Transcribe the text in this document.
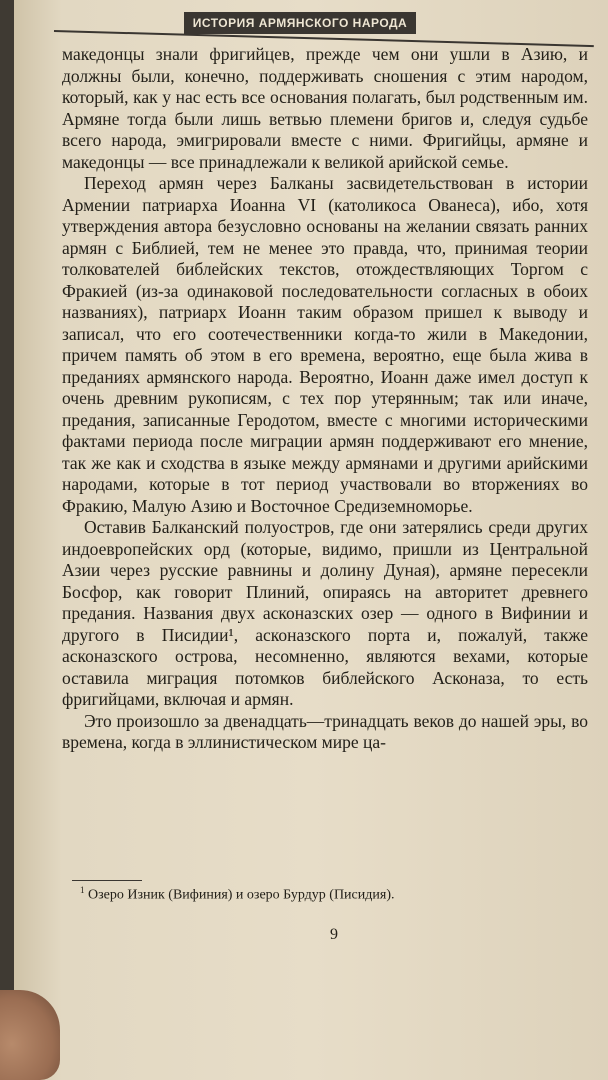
ИСТОРИЯ АРМЯНСКОГО НАРОДА

македонцы знали фригийцев, прежде чем они ушли в Азию, и должны были, конечно, поддерживать сношения с этим народом, который, как у нас есть все основания полагать, был родственным им. Армяне тогда были лишь ветвью племени бригов и, следуя судьбе всего народа, эмигрировали вместе с ними. Фригийцы, армяне и македонцы — все принадлежали к великой арийской семье.

Переход армян через Балканы засвидетельствован в истории Армении патриарха Иоанна VI (католикоса Ованеса), ибо, хотя утверждения автора безусловно основаны на желании связать ранних армян с Библией, тем не менее это правда, что, принимая теории толкователей библейских текстов, отождествляющих Торгом с Фракией (из-за одинаковой последовательности согласных в обоих названиях), патриарх Иоанн таким образом пришел к выводу и записал, что его соотечественники когда-то жили в Македонии, причем память об этом в его времена, вероятно, еще была жива в преданиях армянского народа. Вероятно, Иоанн даже имел доступ к очень древним рукописям, с тех пор утерянным; так или иначе, предания, записанные Геродотом, вместе с многими историческими фактами периода после миграции армян поддерживают его мнение, так же как и сходства в языке между армянами и другими арийскими народами, которые в тот период участвовали во вторжениях во Фракию, Малую Азию и Восточное Средиземноморье.

Оставив Балканский полуостров, где они затерялись среди других индоевропейских орд (которые, видимо, пришли из Центральной Азии через русские равнины и долину Дуная), армяне пересекли Босфор, как говорит Плиний, опираясь на авторитет древнего предания. Названия двух асконазских озер — одного в Вифинии и другого в Писидии¹, асконазского порта и, пожалуй, также асконазского острова, несомненно, являются вехами, которые оставила миграция потомков библейского Асконаза, то есть фригийцами, включая и армян.

Это произошло за двенадцать—тринадцать веков до нашей эры, во времена, когда в эллинистическом мире ца-

$^1$ Озеро Изник (Вифиния) и озеро Бурдур (Писидия).
9
